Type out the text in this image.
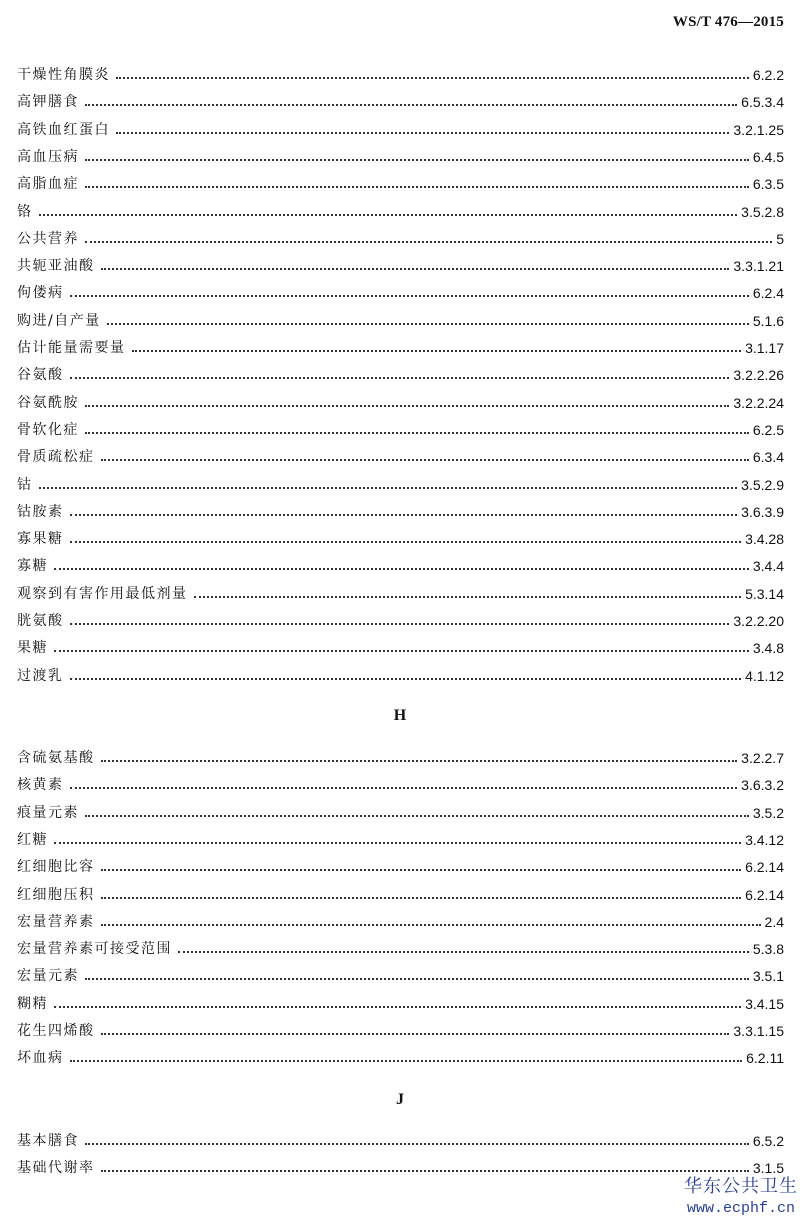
WS/T 476—2015
干燥性角膜炎	6.2.2
高钾膳食	6.5.3.4
高铁血红蛋白	3.2.1.25
高血压病	6.4.5
高脂血症	6.3.5
铬	3.5.2.8
公共营养	5
共轭亚油酸	3.3.1.21
佝偻病	6.2.4
购进/自产量	5.1.6
估计能量需要量	3.1.17
谷氨酸	3.2.2.26
谷氨酰胺	3.2.2.24
骨软化症	6.2.5
骨质疏松症	6.3.4
钴	3.5.2.9
钴胺素	3.6.3.9
寡果糖	3.4.28
寡糖	3.4.4
观察到有害作用最低剂量	5.3.14
胱氨酸	3.2.2.20
果糖	3.4.8
过渡乳	4.1.12
H
含硫氨基酸	3.2.2.7
核黄素	3.6.3.2
痕量元素	3.5.2
红糖	3.4.12
红细胞比容	6.2.14
红细胞压积	6.2.14
宏量营养素	2.4
宏量营养素可接受范围	5.3.8
宏量元素	3.5.1
糊精	3.4.15
花生四烯酸	3.3.1.15
坏血病	6.2.11
J
基本膳食	6.5.2
基础代谢率	3.1.5
华东公共卫生
www.ecphf.cn
